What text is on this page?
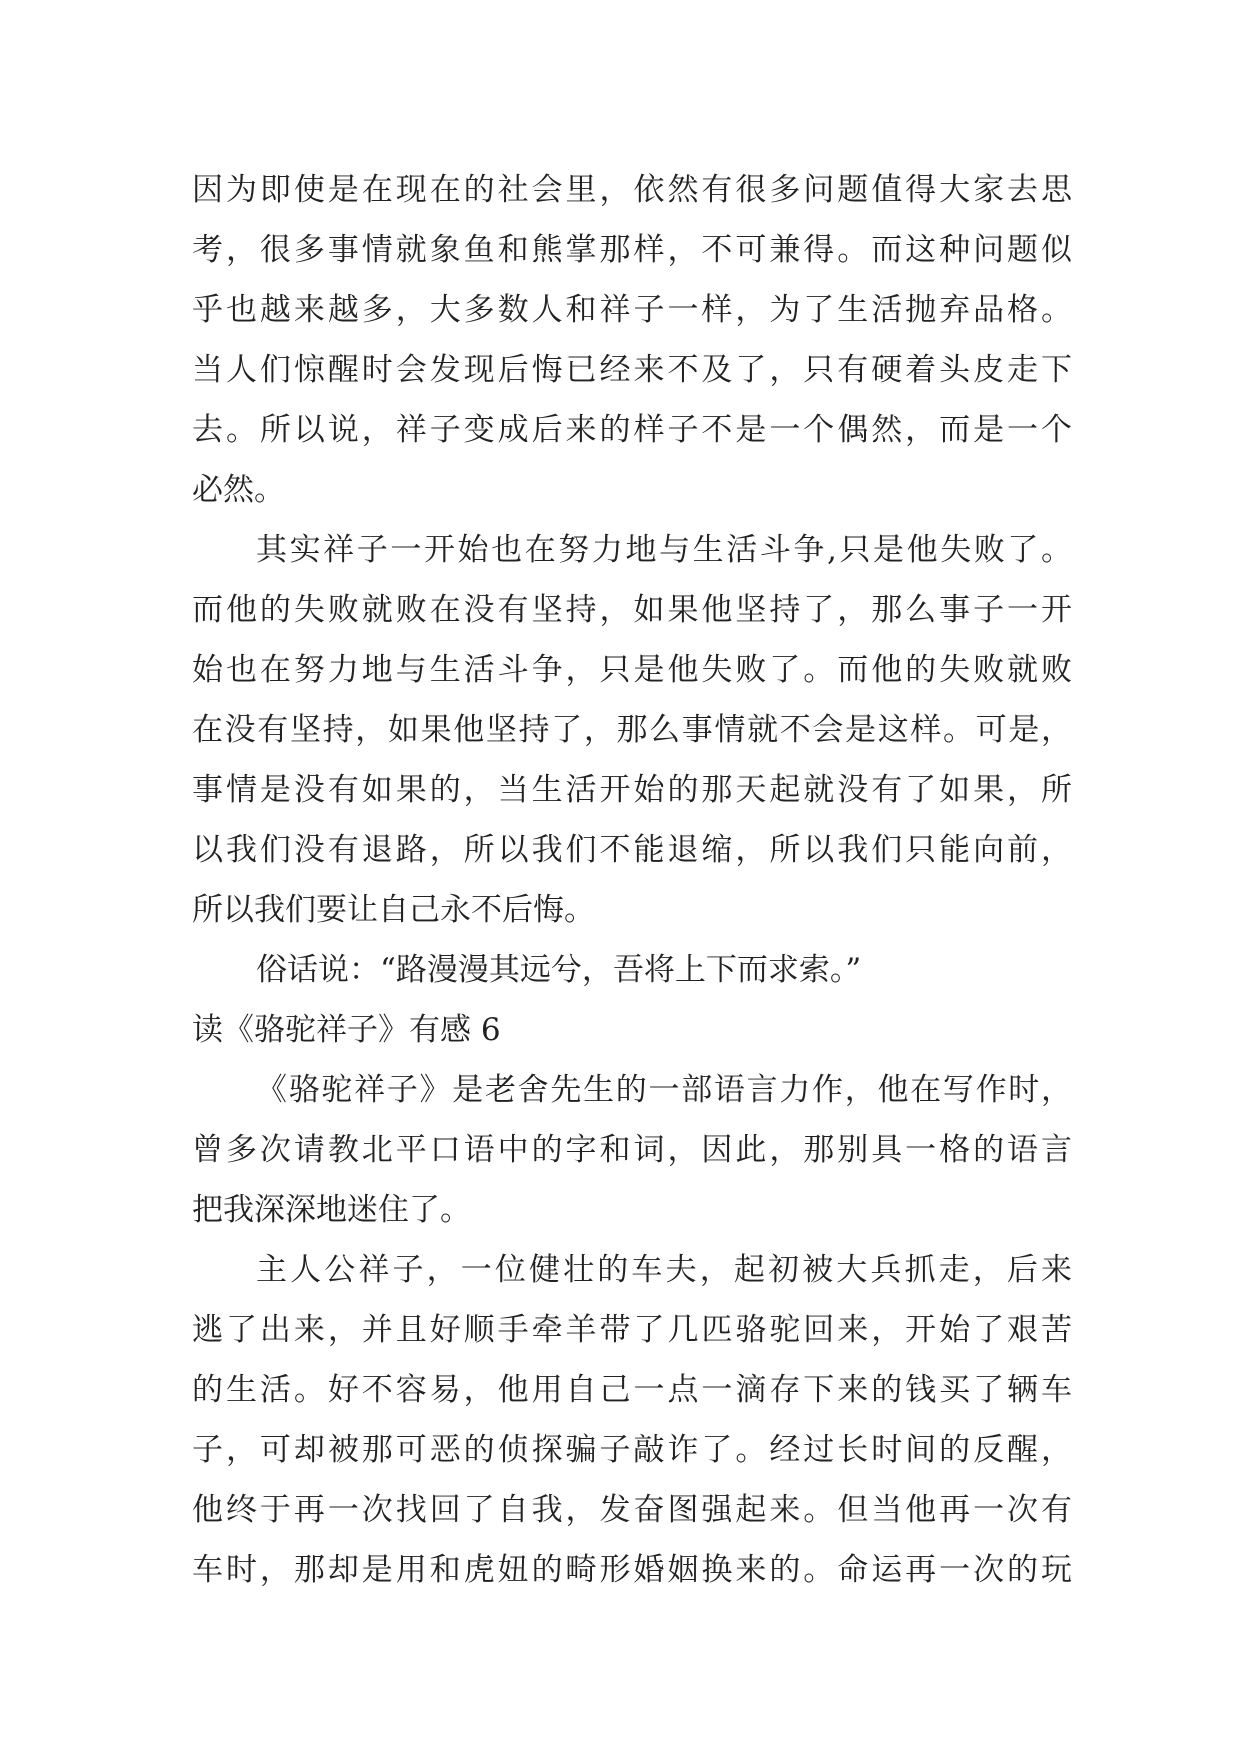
因为即使是在现在的社会里，依然有很多问题值得大家去思
考，很多事情就象鱼和熊掌那样，不可兼得。而这种问题似
乎也越来越多，大多数人和祥子一样，为了生活抛弃品格。
当人们惊醒时会发现后悔已经来不及了，只有硬着头皮走下
去。所以说，祥子变成后来的样子不是一个偶然，而是一个
必然。
其实祥子一开始也在努力地与生活斗争,只是他失败了。
而他的失败就败在没有坚持，如果他坚持了，那么事子一开
始也在努力地与生活斗争，只是他失败了。而他的失败就败
在没有坚持，如果他坚持了，那么事情就不会是这样。可是，
事情是没有如果的，当生活开始的那天起就没有了如果，所
以我们没有退路，所以我们不能退缩，所以我们只能向前，
所以我们要让自己永不后悔。
俗话说：“路漫漫其远兮，吾将上下而求索。”
读《骆驼祥子》有感 6
《骆驼祥子》是老舍先生的一部语言力作，他在写作时，
曾多次请教北平口语中的字和词，因此，那别具一格的语言
把我深深地迷住了。
主人公祥子，一位健壮的车夫，起初被大兵抓走，后来
逃了出来，并且好顺手牵羊带了几匹骆驼回来，开始了艰苦
的生活。好不容易，他用自己一点一滴存下来的钱买了辆车
子，可却被那可恶的侦探骗子敲诈了。经过长时间的反醒，
他终于再一次找回了自我，发奋图强起来。但当他再一次有
车时，那却是用和虎妞的畸形婚姻换来的。命运再一次的玩
